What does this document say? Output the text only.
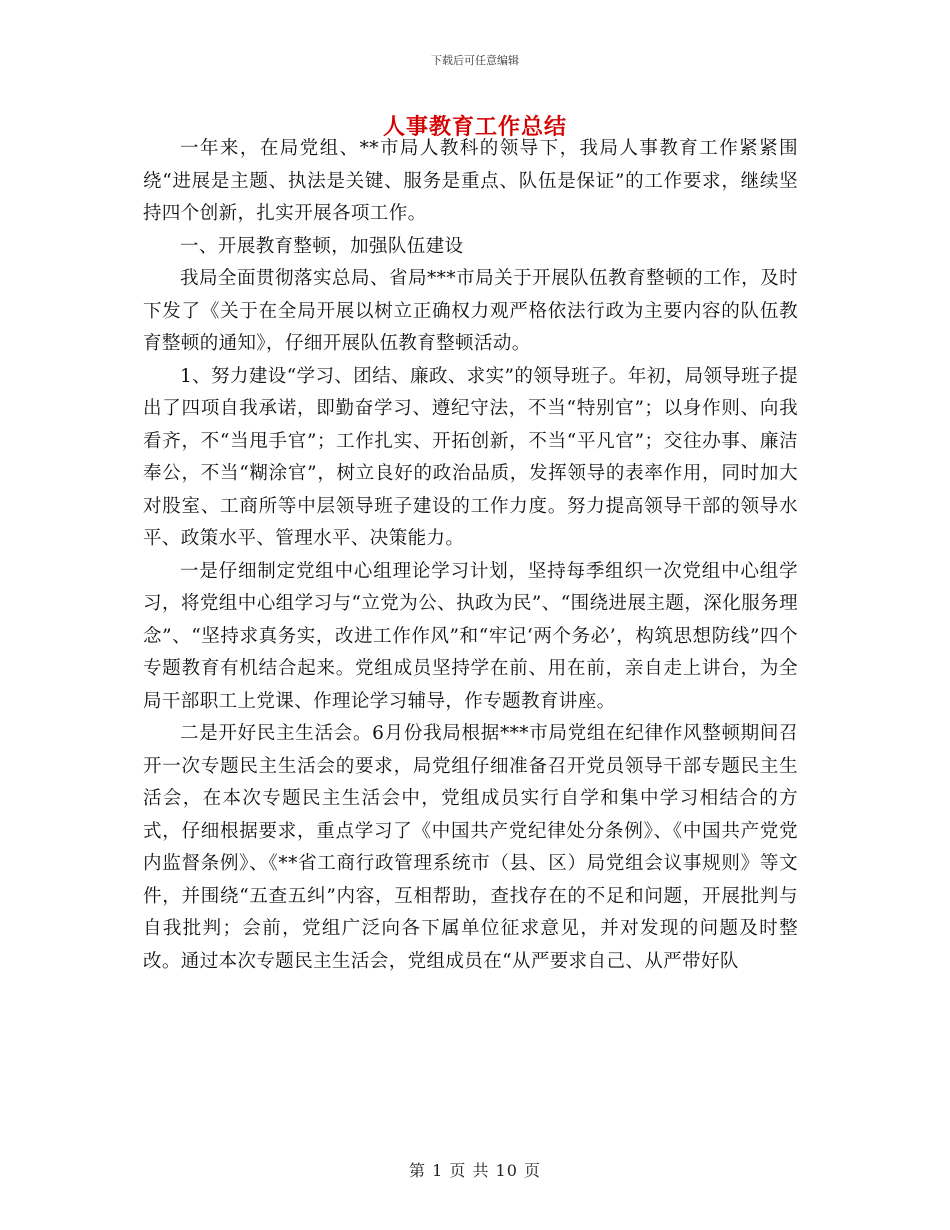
下载后可任意编辑
人事教育工作总结

一年来，在局党组、**市局人教科的领导下，我局人事教育工作紧紧围绕“进展是主题、执法是关键、服务是重点、队伍是保证”的工作要求，继续坚持四个创新，扎实开展各项工作。

一、开展教育整顿，加强队伍建设

我局全面贯彻落实总局、省局***市局关于开展队伍教育整顿的工作，及时下发了《关于在全局开展以树立正确权力观严格依法行政为主要内容的队伍教育整顿的通知》，仔细开展队伍教育整顿活动。

1、努力建设“学习、团结、廉政、求实”的领导班子。年初，局领导班子提出了四项自我承诺，即勤奋学习、遵纪守法，不当“特别官”；以身作则、向我看齐，不“当甩手官”；工作扎实、开拓创新，不当“平凡官”；交往办事、廉洁奉公，不当“糊涂官”，树立良好的政治品质，发挥领导的表率作用，同时加大对股室、工商所等中层领导班子建设的工作力度。努力提高领导干部的领导水平、政策水平、管理水平、决策能力。

一是仔细制定党组中心组理论学习计划，坚持每季组织一次党组中心组学习，将党组中心组学习与“立党为公、执政为民”、“围绕进展主题，深化服务理念”、“坚持求真务实，改进工作作风”和“牢记‘两个务必’，构筑思想防线”四个专题教育有机结合起来。党组成员坚持学在前、用在前，亲自走上讲台，为全局干部职工上党课、作理论学习辅导，作专题教育讲座。

二是开好民主生活会。6月份我局根据***市局党组在纪律作风整顿期间召开一次专题民主生活会的要求，局党组仔细准备召开党员领导干部专题民主生活会，在本次专题民主生活会中，党组成员实行自学和集中学习相结合的方式，仔细根据要求，重点学习了《中国共产党纪律处分条例》、《中国共产党党内监督条例》、《**省工商行政管理系统市（县、区）局党组会议事规则》等文件，并围绕“五查五纠”内容，互相帮助，查找存在的不足和问题，开展批判与自我批判；会前，党组广泛向各下属单位征求意见，并对发现的问题及时整改。通过本次专题民主生活会，党组成员在“从严要求自己、从严带好队

第 1 页 共 10 页
